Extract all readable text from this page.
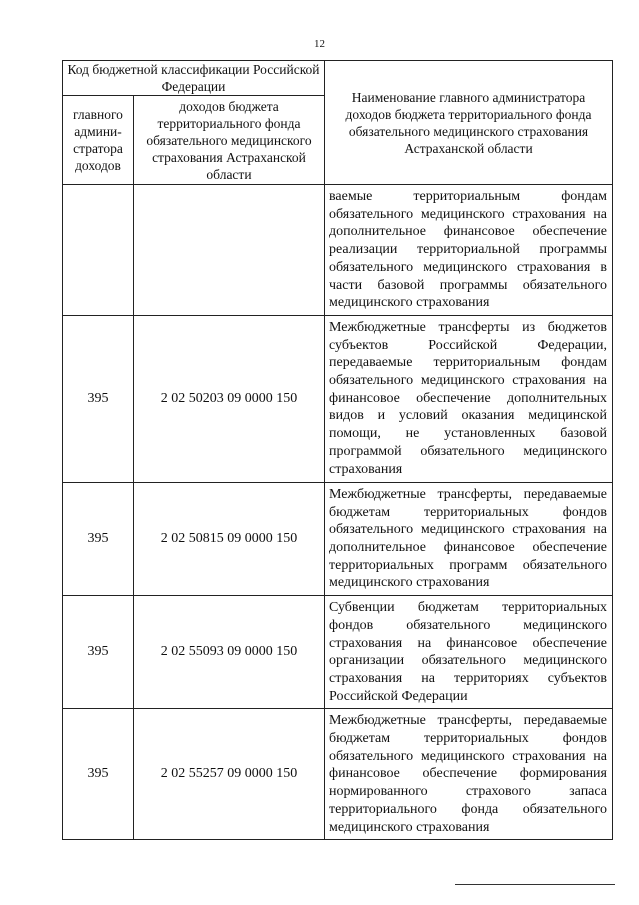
12
Код бюджетной классификации Российской Федерации		Наименование главного администратора доходов бюджета территориального фонда обязательного медицинского страхования Астраханской области
главного админи-стратора доходов	доходов бюджета территориального фонда обязательного медицинского страхования Астраханской области	
		ваемые территориальным фондам обязательного медицинского страхования на дополнительное финансовое обеспечение реализации территориальной программы обязательного медицинского страхования в части базовой программы обязательного медицинского страхования
395	2 02 50203 09 0000 150	Межбюджетные трансферты из бюджетов субъектов Российской Федерации, передаваемые территориальным фондам обязательного медицинского страхования на финансовое обеспечение дополнительных видов и условий оказания медицинской помощи, не установленных базовой программой обязательного медицинского страхования
395	2 02 50815 09 0000 150	Межбюджетные трансферты, передаваемые бюджетам территориальных фондов обязательного медицинского страхования на дополнительное финансовое обеспечение территориальных программ обязательного медицинского страхования
395	2 02 55093 09 0000 150	Субвенции бюджетам территориальных фондов обязательного медицинского страхования на финансовое обеспечение организации обязательного медицинского страхования на территориях субъектов Российской Федерации
395	2 02 55257 09 0000 150	Межбюджетные трансферты, передаваемые бюджетам территориальных фондов обязательного медицинского страхования на финансовое обеспечение формирования нормированного страхового запаса территориального фонда обязательного медицинского страхования
